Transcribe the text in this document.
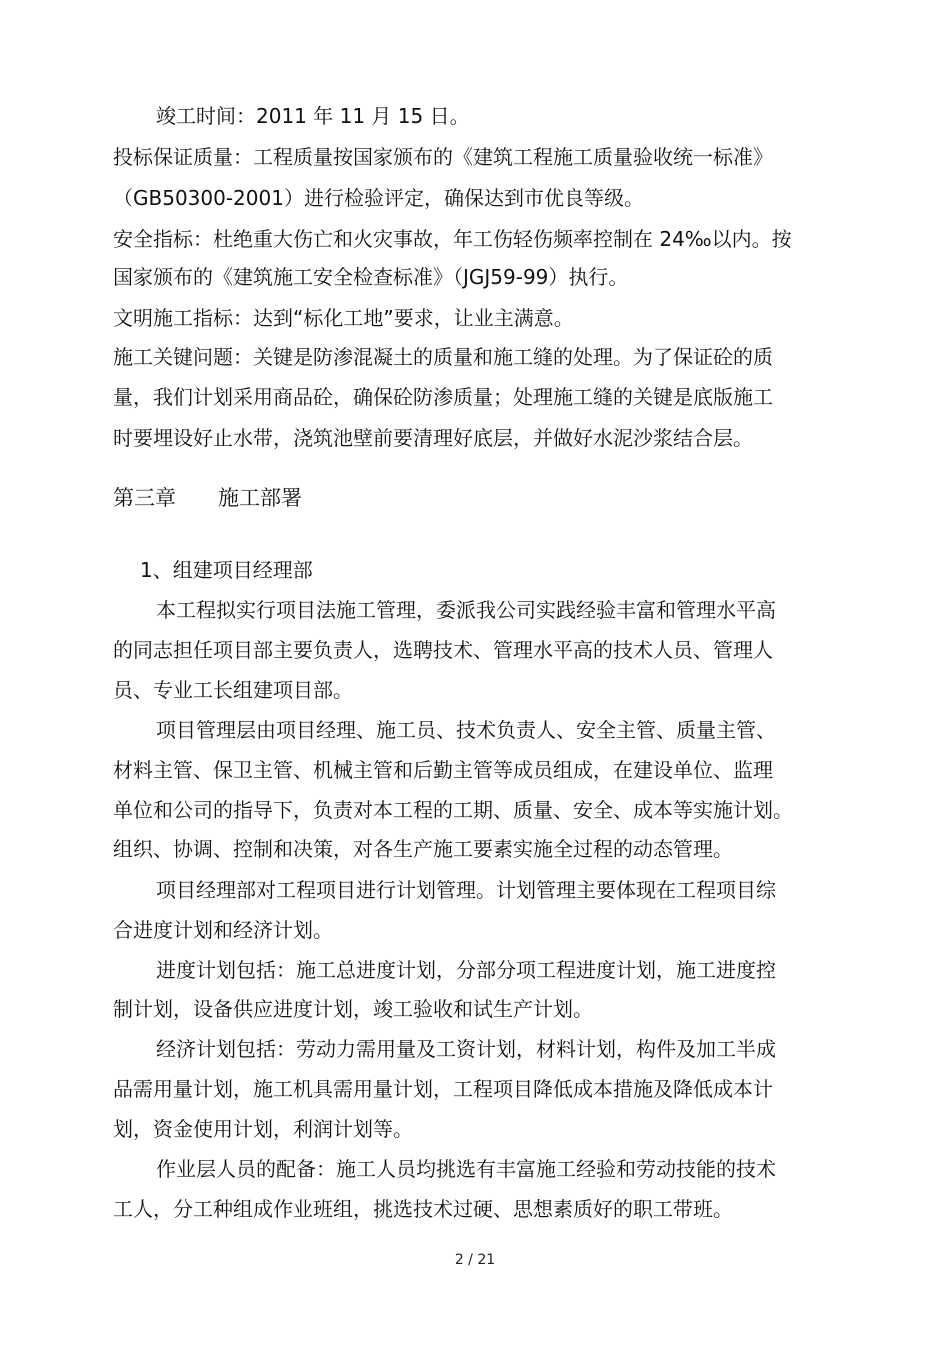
竣工时间：2011 年 11 月 15 日。
投标保证质量：工程质量按国家颁布的《建筑工程施工质量验收统一标准》
（GB50300-2001）进行检验评定，确保达到市优良等级。
安全指标：杜绝重大伤亡和火灾事故，年工伤轻伤频率控制在 24‰以内。按
国家颁布的《建筑施工安全检查标准》（JGJ59-99）执行。
文明施工指标：达到“标化工地”要求，让业主满意。
施工关键问题：关键是防渗混凝土的质量和施工缝的处理。为了保证砼的质
量，我们计划采用商品砼，确保砼防渗质量；处理施工缝的关键是底版施工
时要埋设好止水带，浇筑池壁前要清理好底层，并做好水泥沙浆结合层。
第三章　　施工部署
1、组建项目经理部
本工程拟实行项目法施工管理，委派我公司实践经验丰富和管理水平高
的同志担任项目部主要负责人，选聘技术、管理水平高的技术人员、管理人
员、专业工长组建项目部。
项目管理层由项目经理、施工员、技术负责人、安全主管、质量主管、
材料主管、保卫主管、机械主管和后勤主管等成员组成，在建设单位、监理
单位和公司的指导下，负责对本工程的工期、质量、安全、成本等实施计划。
组织、协调、控制和决策，对各生产施工要素实施全过程的动态管理。
项目经理部对工程项目进行计划管理。计划管理主要体现在工程项目综
合进度计划和经济计划。
进度计划包括：施工总进度计划，分部分项工程进度计划，施工进度控
制计划，设备供应进度计划，竣工验收和试生产计划。
经济计划包括：劳动力需用量及工资计划，材料计划，构件及加工半成
品需用量计划，施工机具需用量计划，工程项目降低成本措施及降低成本计
划，资金使用计划，利润计划等。
作业层人员的配备：施工人员均挑选有丰富施工经验和劳动技能的技术
工人，分工种组成作业班组，挑选技术过硬、思想素质好的职工带班。
2 / 21
